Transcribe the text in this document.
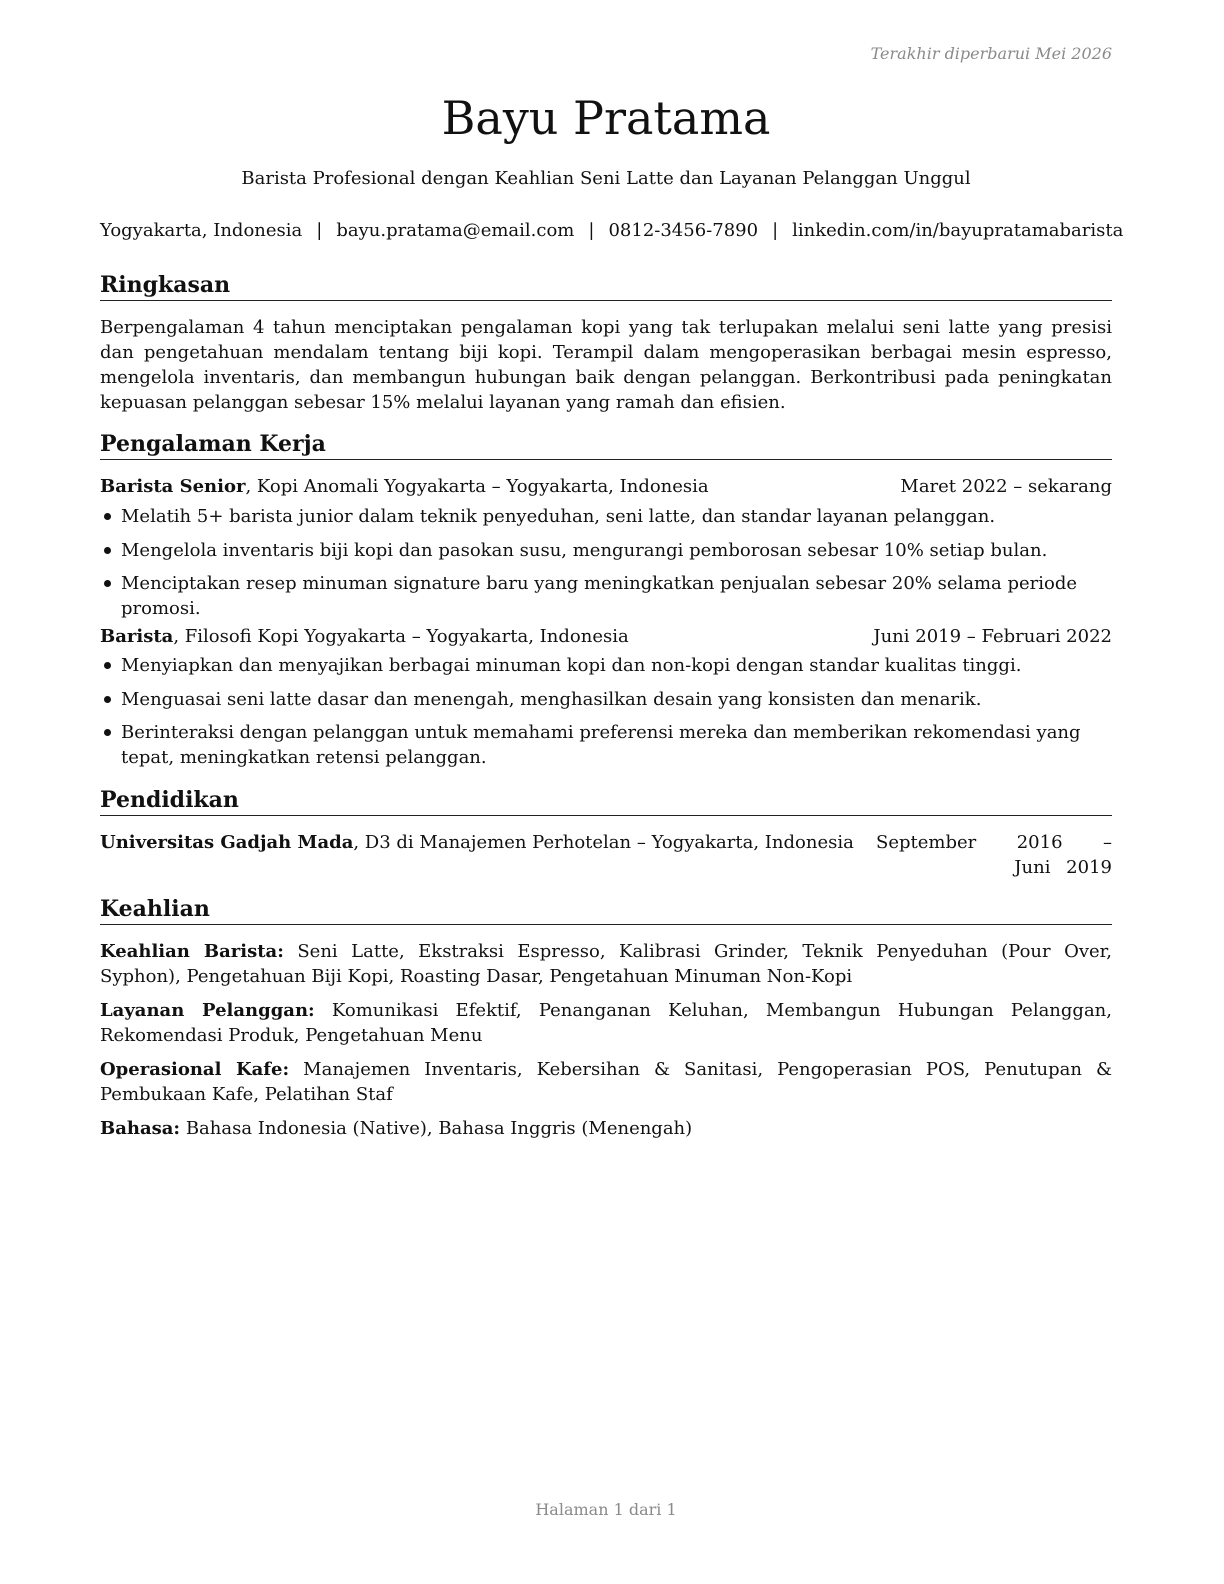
Terakhir diperbarui Mei 2026
Bayu Pratama
Barista Profesional dengan Keahlian Seni Latte dan Layanan Pelanggan Unggul
Yogyakarta, Indonesia | bayu.pratama@email.com | 0812-3456-7890 | linkedin.com/in/bayupratamabarista
Ringkasan
Berpengalaman 4 tahun menciptakan pengalaman kopi yang tak terlupakan melalui seni latte yang presisi dan pengetahuan mendalam tentang biji kopi. Terampil dalam mengoperasikan berbagai mesin espresso, mengelola inventaris, dan membangun hubungan baik dengan pelanggan. Berkontribusi pada peningkatan kepuasan pelanggan sebesar 15% melalui layanan yang ramah dan efisien.
Pengalaman Kerja
Barista Senior, Kopi Anomali Yogyakarta – Yogyakarta, Indonesia	Maret 2022 – sekarang
Melatih 5+ barista junior dalam teknik penyeduhan, seni latte, dan standar layanan pelanggan.
Mengelola inventaris biji kopi dan pasokan susu, mengurangi pemborosan sebesar 10% setiap bulan.
Menciptakan resep minuman signature baru yang meningkatkan penjualan sebesar 20% selama periode promosi.
Barista, Filosofi Kopi Yogyakarta – Yogyakarta, Indonesia	Juni 2019 – Februari 2022
Menyiapkan dan menyajikan berbagai minuman kopi dan non-kopi dengan standar kualitas tinggi.
Menguasai seni latte dasar dan menengah, menghasilkan desain yang konsisten dan menarik.
Berinteraksi dengan pelanggan untuk memahami preferensi mereka dan memberikan rekomendasi yang tepat, meningkatkan retensi pelanggan.
Pendidikan
Universitas Gadjah Mada, D3 di Manajemen Perhotelan – Yogyakarta, Indonesia September 2016 – Juni 2019
Keahlian
Keahlian Barista: Seni Latte, Ekstraksi Espresso, Kalibrasi Grinder, Teknik Penyeduhan (Pour Over, Syphon), Pengetahuan Biji Kopi, Roasting Dasar, Pengetahuan Minuman Non-Kopi
Layanan Pelanggan: Komunikasi Efektif, Penanganan Keluhan, Membangun Hubungan Pelanggan, Rekomendasi Produk, Pengetahuan Menu
Operasional Kafe: Manajemen Inventaris, Kebersihan & Sanitasi, Pengoperasian POS, Penutupan & Pembukaan Kafe, Pelatihan Staf
Bahasa: Bahasa Indonesia (Native), Bahasa Inggris (Menengah)
Halaman 1 dari 1
